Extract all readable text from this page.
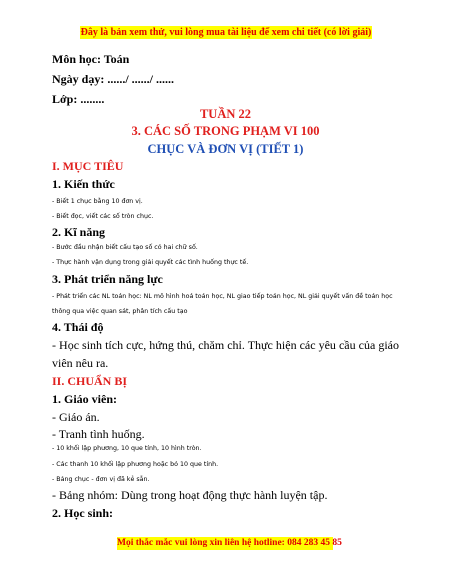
Đây là bản xem thử, vui lòng mua tài liệu để xem chi tiết (có lời giải)
Môn học: Toán
Ngày dạy: ....../ ....../ ......
Lớp: ........
TUẦN 22
3. CÁC SỐ TRONG PHẠM VI 100
CHỤC VÀ ĐƠN VỊ (TIẾT 1)
I. MỤC TIÊU
1. Kiến thức
- Biết 1 chục bằng 10 đơn vị.
- Biết đọc, viết các số tròn chục.
2. Kĩ năng
- Bước đầu nhận biết cấu tạo số có hai chữ số.
- Thực hành vận dụng trong giải quyết các tình huống thực tế.
3. Phát triển năng lực
- Phát triển các NL toán học: NL mô hình hoá toán học, NL giao tiếp toán học, NL giải quyết vấn đề toán học thông qua việc quan sát, phân tích cấu tạo
4. Thái độ
- Học sinh tích cực, hứng thú, chăm chỉ. Thực hiện các yêu cầu của giáo viên nêu ra.
II. CHUẨN BỊ
1. Giáo viên:
- Giáo án.
- Tranh tình huống.
- 10 khối lập phương, 10 que tính, 10 hình tròn.
- Các thanh 10 khối lập phương hoặc bó 10 que tính.
- Bảng chục - đơn vị đã kẻ sẵn.
- Bảng nhóm: Dùng trong hoạt động thực hành luyện tập.
2. Học sinh:
Mọi thắc mắc vui lòng xin liên hệ hotline: 084 283 45 85
